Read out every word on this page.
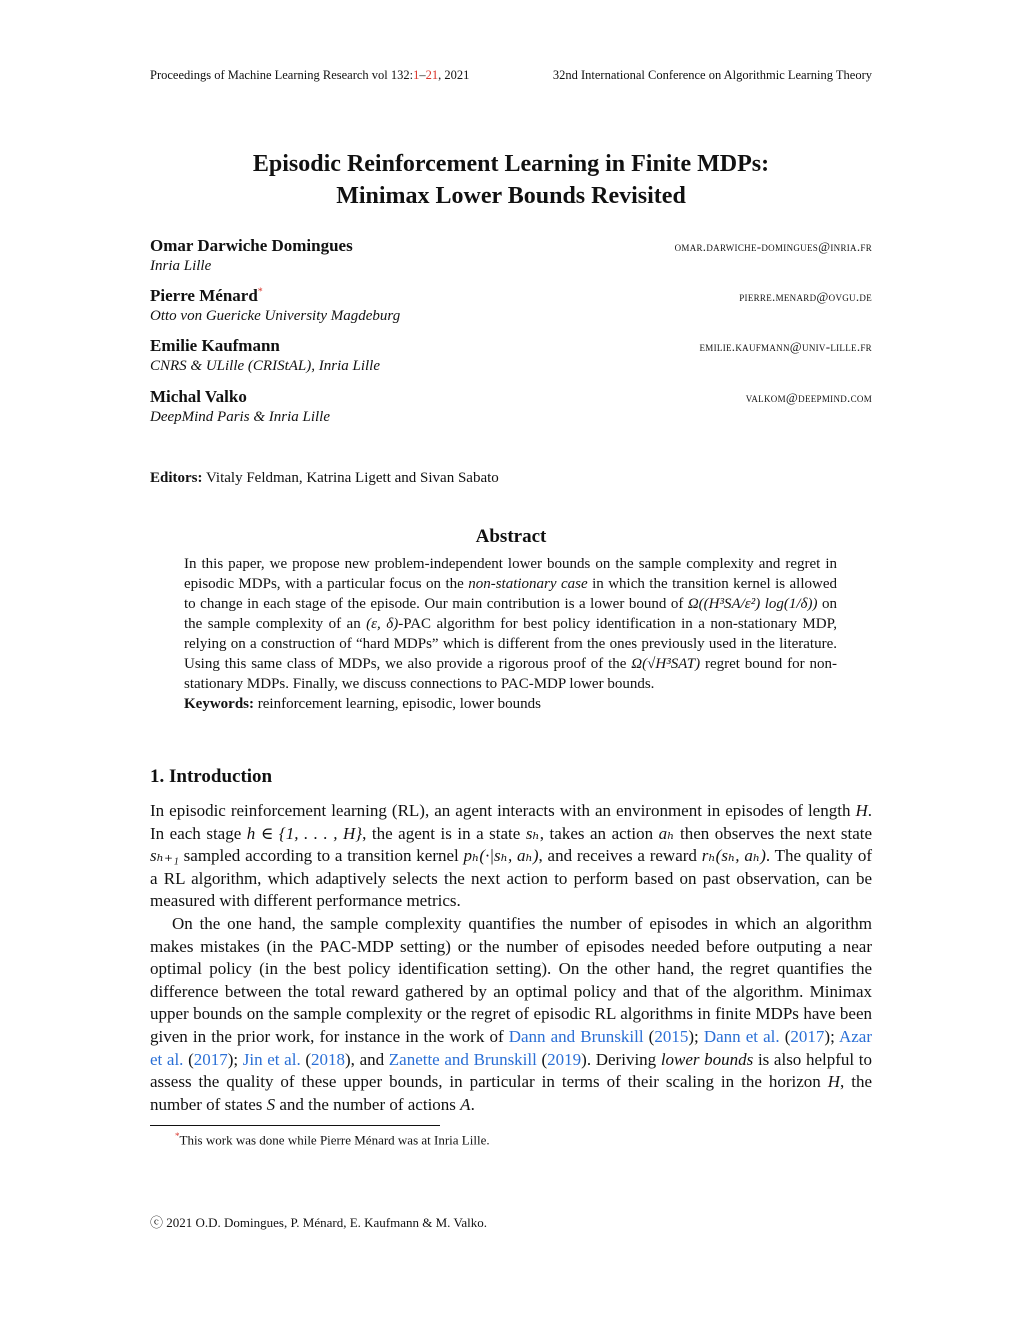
Proceedings of Machine Learning Research vol 132:1–21, 2021	32nd International Conference on Algorithmic Learning Theory
Episodic Reinforcement Learning in Finite MDPs:
Minimax Lower Bounds Revisited
Omar Darwiche Domingues	omar.darwiche-domingues@inria.fr
Inria Lille
Pierre Ménard*	pierre.menard@ovgu.de
Otto von Guericke University Magdeburg
Emilie Kaufmann	emilie.kaufmann@univ-lille.fr
CNRS & ULille (CRIStAL), Inria Lille
Michal Valko	valkom@deepmind.com
DeepMind Paris & Inria Lille
Editors: Vitaly Feldman, Katrina Ligett and Sivan Sabato
Abstract

In this paper, we propose new problem-independent lower bounds on the sample complexity and regret in episodic MDPs, with a particular focus on the non-stationary case in which the transition kernel is allowed to change in each stage of the episode. Our main contribution is a lower bound of Ω((H³SA/ε²) log(1/δ)) on the sample complexity of an (ε, δ)-PAC algorithm for best policy identification in a non-stationary MDP, relying on a construction of “hard MDPs” which is different from the ones previously used in the literature. Using this same class of MDPs, we also provide a rigorous proof of the Ω(√H³SAT) regret bound for non-stationary MDPs. Finally, we discuss connections to PAC-MDP lower bounds.

Keywords: reinforcement learning, episodic, lower bounds

1. Introduction

In episodic reinforcement learning (RL), an agent interacts with an environment in episodes of length H. In each stage h ∈ {1, . . . , H}, the agent is in a state sₕ, takes an action aₕ then observes the next state sₕ₊₁ sampled according to a transition kernel pₕ(·|sₕ, aₕ), and receives a reward rₕ(sₕ, aₕ). The quality of a RL algorithm, which adaptively selects the next action to perform based on past observation, can be measured with different performance metrics.

On the one hand, the sample complexity quantifies the number of episodes in which an algorithm makes mistakes (in the PAC-MDP setting) or the number of episodes needed before outputing a near optimal policy (in the best policy identification setting). On the other hand, the regret quantifies the difference between the total reward gathered by an optimal policy and that of the algorithm. Minimax upper bounds on the sample complexity or the regret of episodic RL algorithms in finite MDPs have been given in the prior work, for instance in the work of Dann and Brunskill (2015); Dann et al. (2017); Azar et al. (2017); Jin et al. (2018), and Zanette and Brunskill (2019). Deriving lower bounds is also helpful to assess the quality of these upper bounds, in particular in terms of their scaling in the horizon H, the number of states S and the number of actions A.

*This work was done while Pierre Ménard was at Inria Lille.
ⓒ 2021 O.D. Domingues, P. Ménard, E. Kaufmann & M. Valko.
